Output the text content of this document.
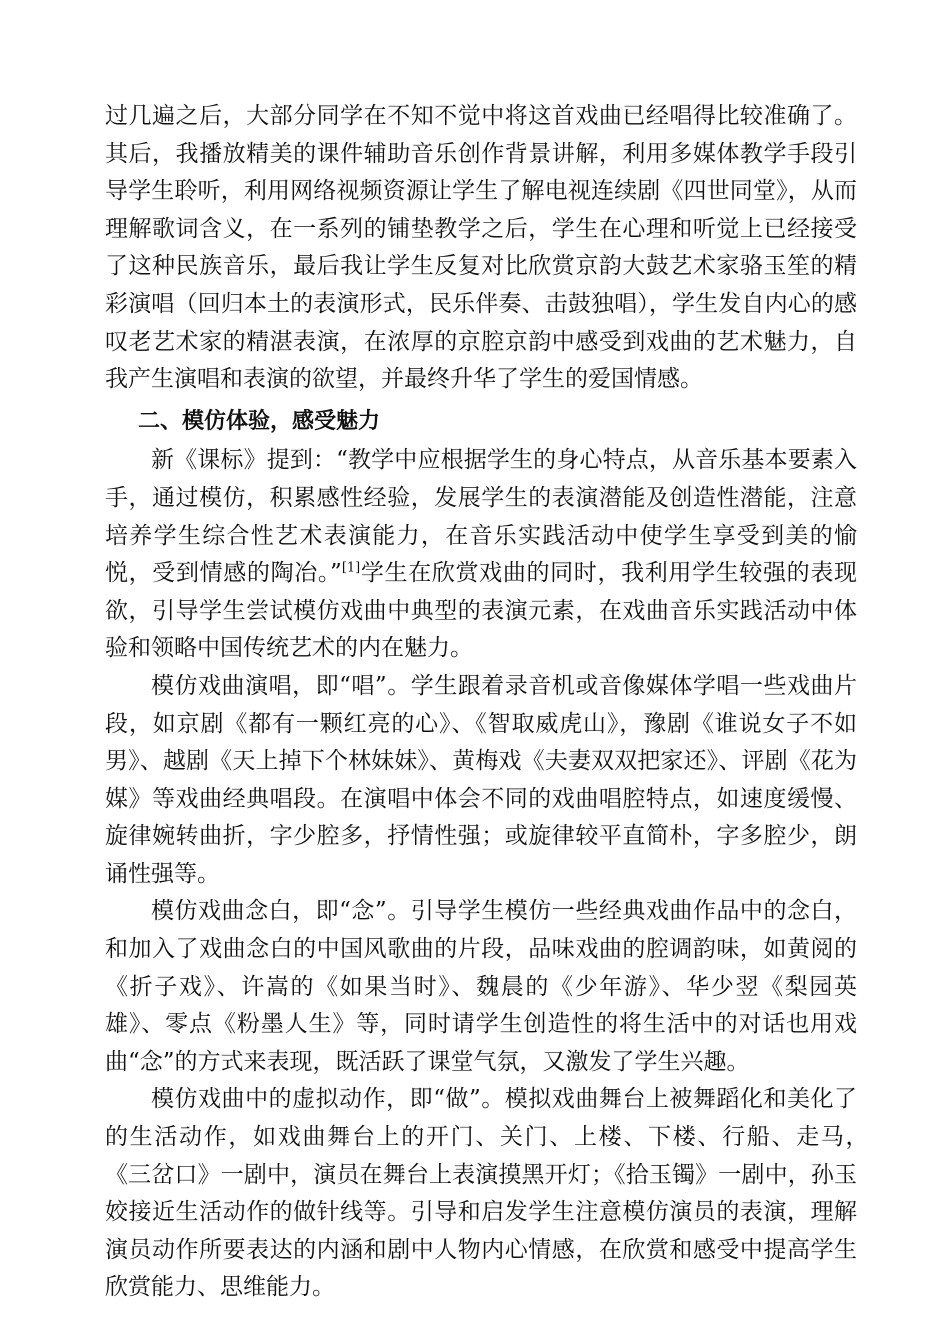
过几遍之后，大部分同学在不知不觉中将这首戏曲已经唱得比较准确了。其后，我播放精美的课件辅助音乐创作背景讲解，利用多媒体教学手段引导学生聆听，利用网络视频资源让学生了解电视连续剧《四世同堂》，从而理解歌词含义，在一系列的铺垫教学之后，学生在心理和听觉上已经接受了这种民族音乐，最后我让学生反复对比欣赏京韵大鼓艺术家骆玉笙的精彩演唱（回归本土的表演形式，民乐伴奏、击鼓独唱），学生发自内心的感叹老艺术家的精湛表演，在浓厚的京腔京韵中感受到戏曲的艺术魅力，自我产生演唱和表演的欲望，并最终升华了学生的爱国情感。

二、模仿体验，感受魅力

新《课标》提到：“教学中应根据学生的身心特点，从音乐基本要素入手，通过模仿，积累感性经验，发展学生的表演潜能及创造性潜能，注意培养学生综合性艺术表演能力，在音乐实践活动中使学生享受到美的愉悦，受到情感的陶冶。”[1]学生在欣赏戏曲的同时，我利用学生较强的表现欲，引导学生尝试模仿戏曲中典型的表演元素，在戏曲音乐实践活动中体验和领略中国传统艺术的内在魅力。

模仿戏曲演唱，即“唱”。学生跟着录音机或音像媒体学唱一些戏曲片段，如京剧《都有一颗红亮的心》、《智取威虎山》，豫剧《谁说女子不如男》、越剧《天上掉下个林妹妹》、黄梅戏《夫妻双双把家还》、评剧《花为媒》等戏曲经典唱段。在演唱中体会不同的戏曲唱腔特点，如速度缓慢、 旋律婉转曲折，字少腔多，抒情性强；或旋律较平直简朴，字多腔少，朗诵性强等。

模仿戏曲念白，即“念”。引导学生模仿一些经典戏曲作品中的念白，和加入了戏曲念白的中国风歌曲的片段，品味戏曲的腔调韵味，如黄阅的《折子戏》、许嵩的《如果当时》、魏晨的《少年游》、华少翌《梨园英雄》、零点《粉墨人生》等，同时请学生创造性的将生活中的对话也用戏曲“念”的方式来表现，既活跃了课堂气氛，又激发了学生兴趣。

模仿戏曲中的虚拟动作，即“做”。模拟戏曲舞台上被舞蹈化和美化了的生活动作，如戏曲舞台上的开门、关门、上楼、下楼、行船、走马，　　《三岔口》一剧中，演员在舞台上表演摸黑开灯；《拾玉镯》一剧中，孙玉姣接近生活动作的做针线等。引导和启发学生注意模仿演员的表演，理解演员动作所要表达的内涵和剧中人物内心情感，在欣赏和感受中提高学生欣赏能力、思维能力。
